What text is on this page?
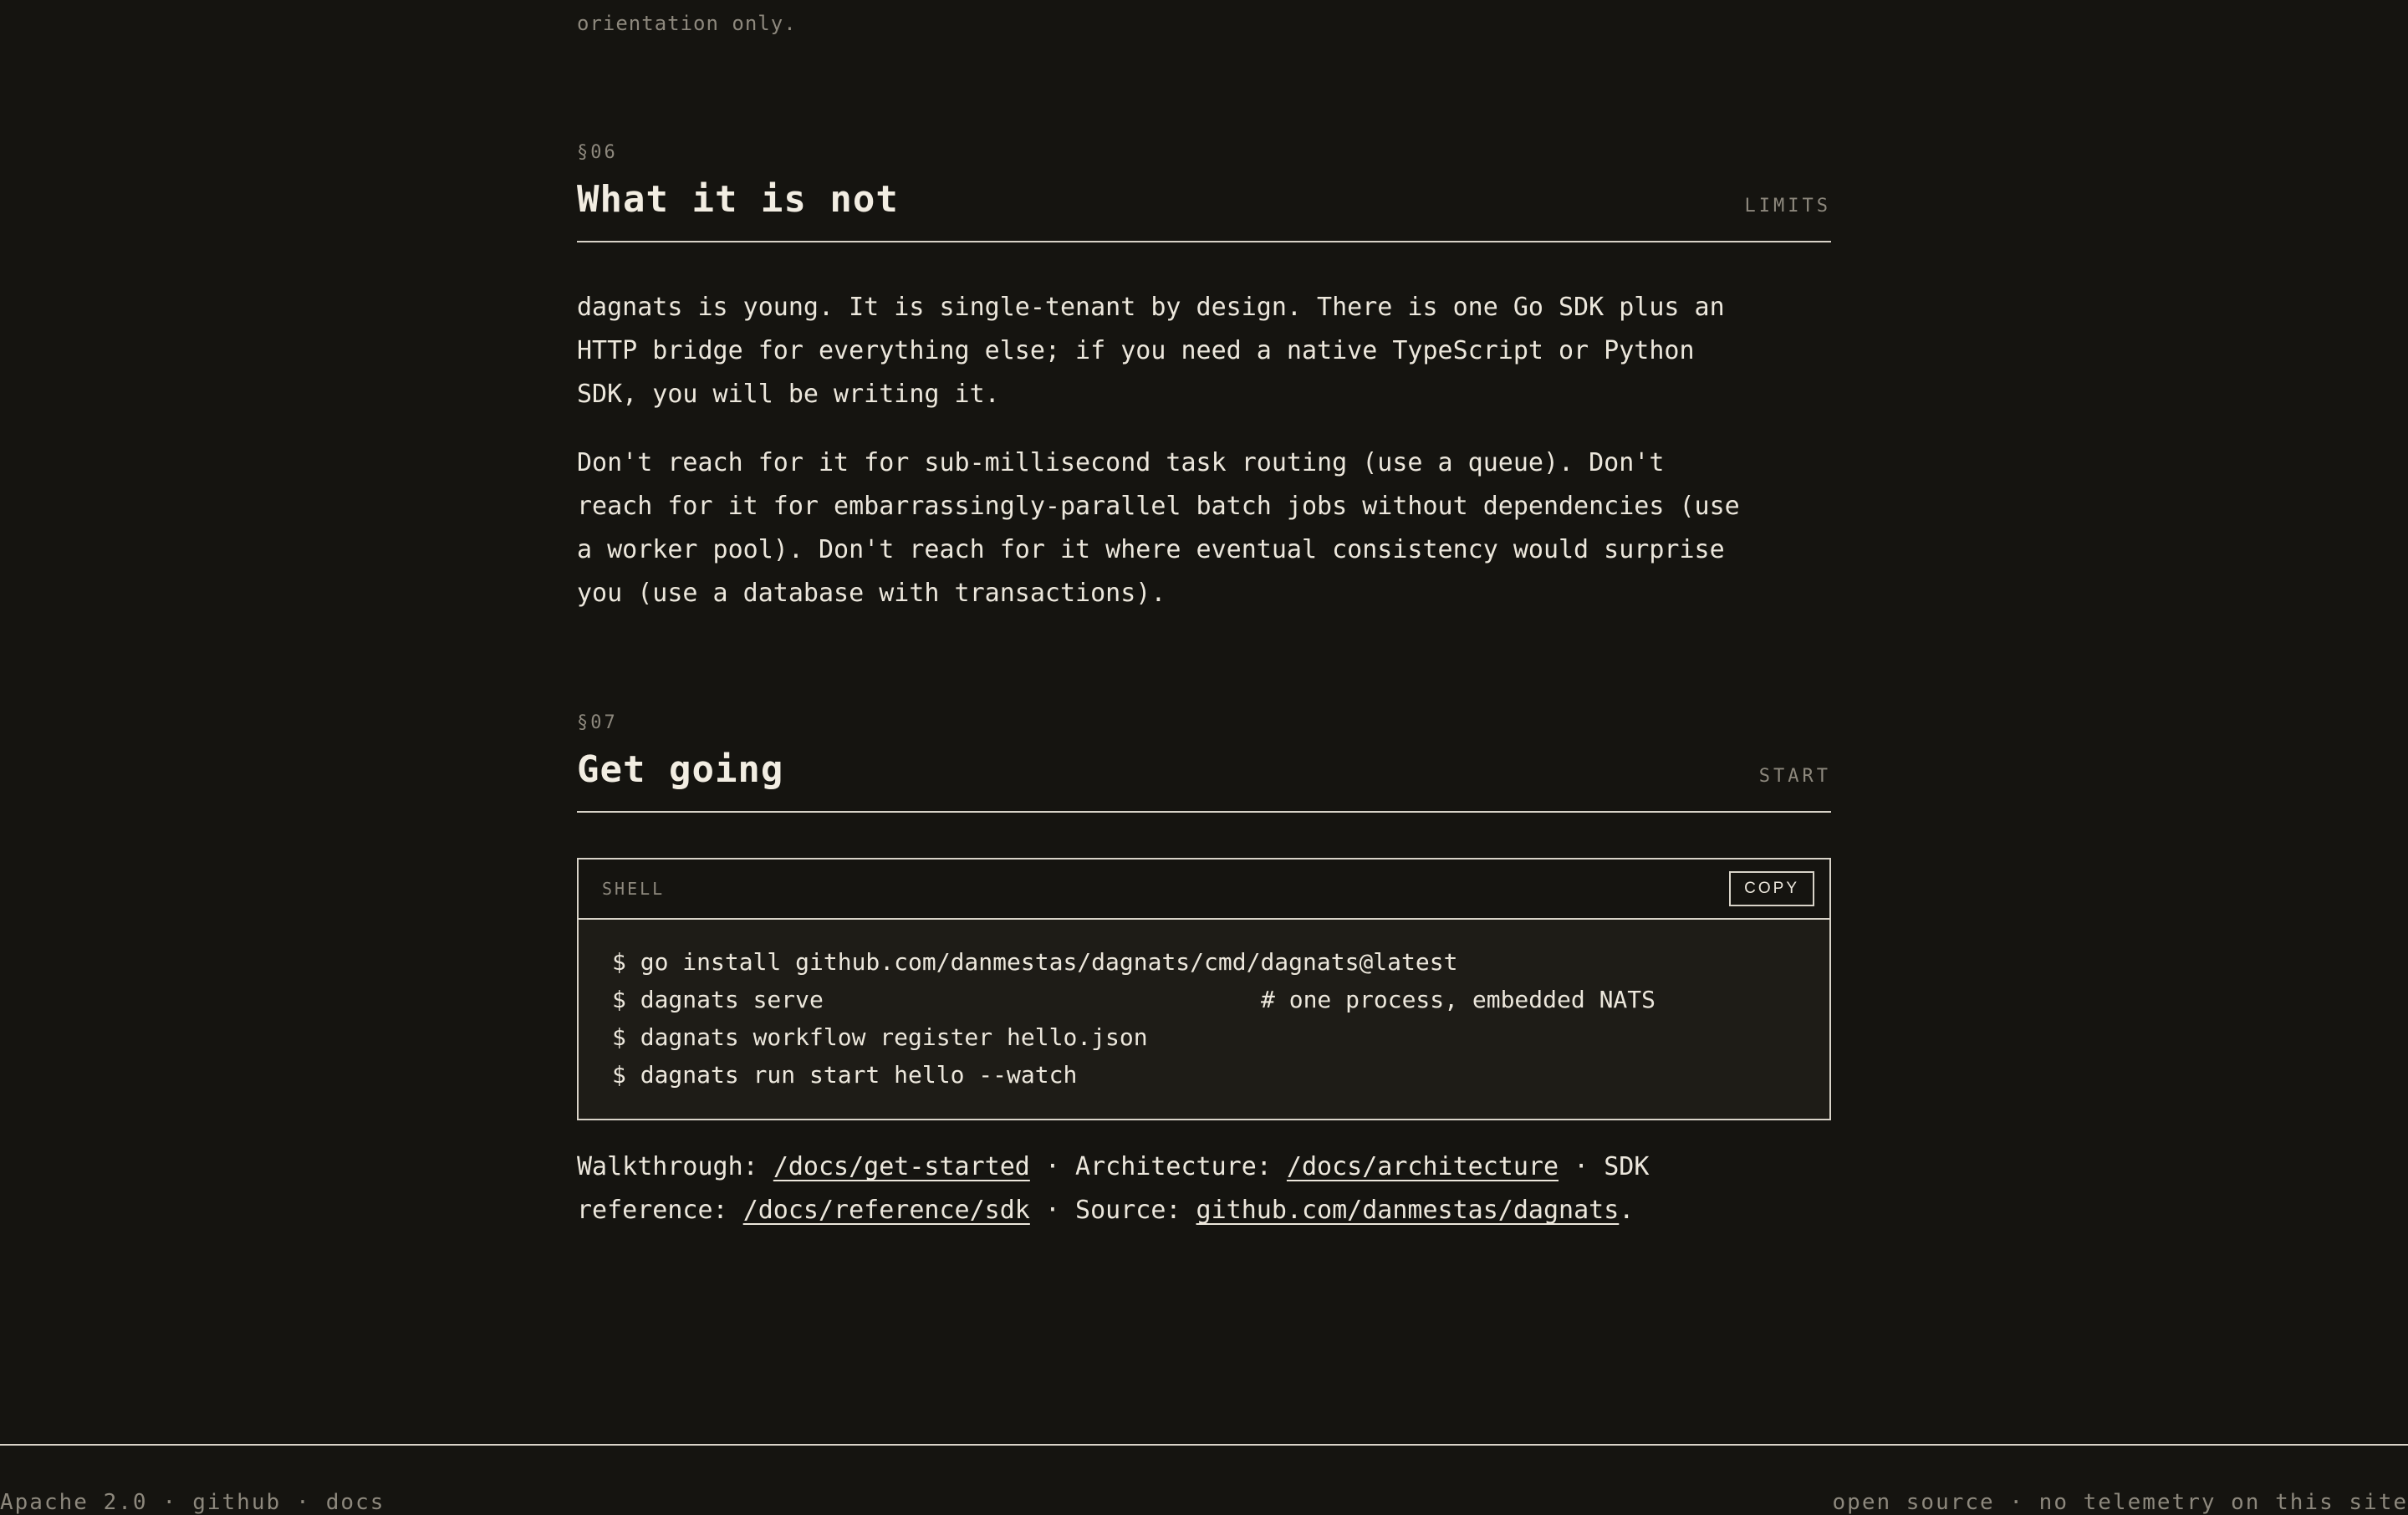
orientation only.
§06
What it is not	LIMITS

dagnats is young. It is single-tenant by design. There is one Go SDK plus an HTTP bridge for everything else; if you need a native TypeScript or Python SDK, you will be writing it.

Don't reach for it for sub-millisecond task routing (use a queue). Don't reach for it for embarrassingly-parallel batch jobs without dependencies (use a worker pool). Don't reach for it where eventual consistency would surprise you (use a database with transactions).

§07
Get going	START
SHELL	COPY
$ go install github.com/danmestas/dagnats/cmd/dagnats@latest
$ dagnats serve	# one process, embedded NATS
$ dagnats workflow register hello.json
$ dagnats run start hello --watch
Walkthrough: /docs/get-started · Architecture: /docs/architecture · SDK reference: /docs/reference/sdk · Source: github.com/danmestas/dagnats.
Apache 2.0 · github · docs	open source · no telemetry on this site
